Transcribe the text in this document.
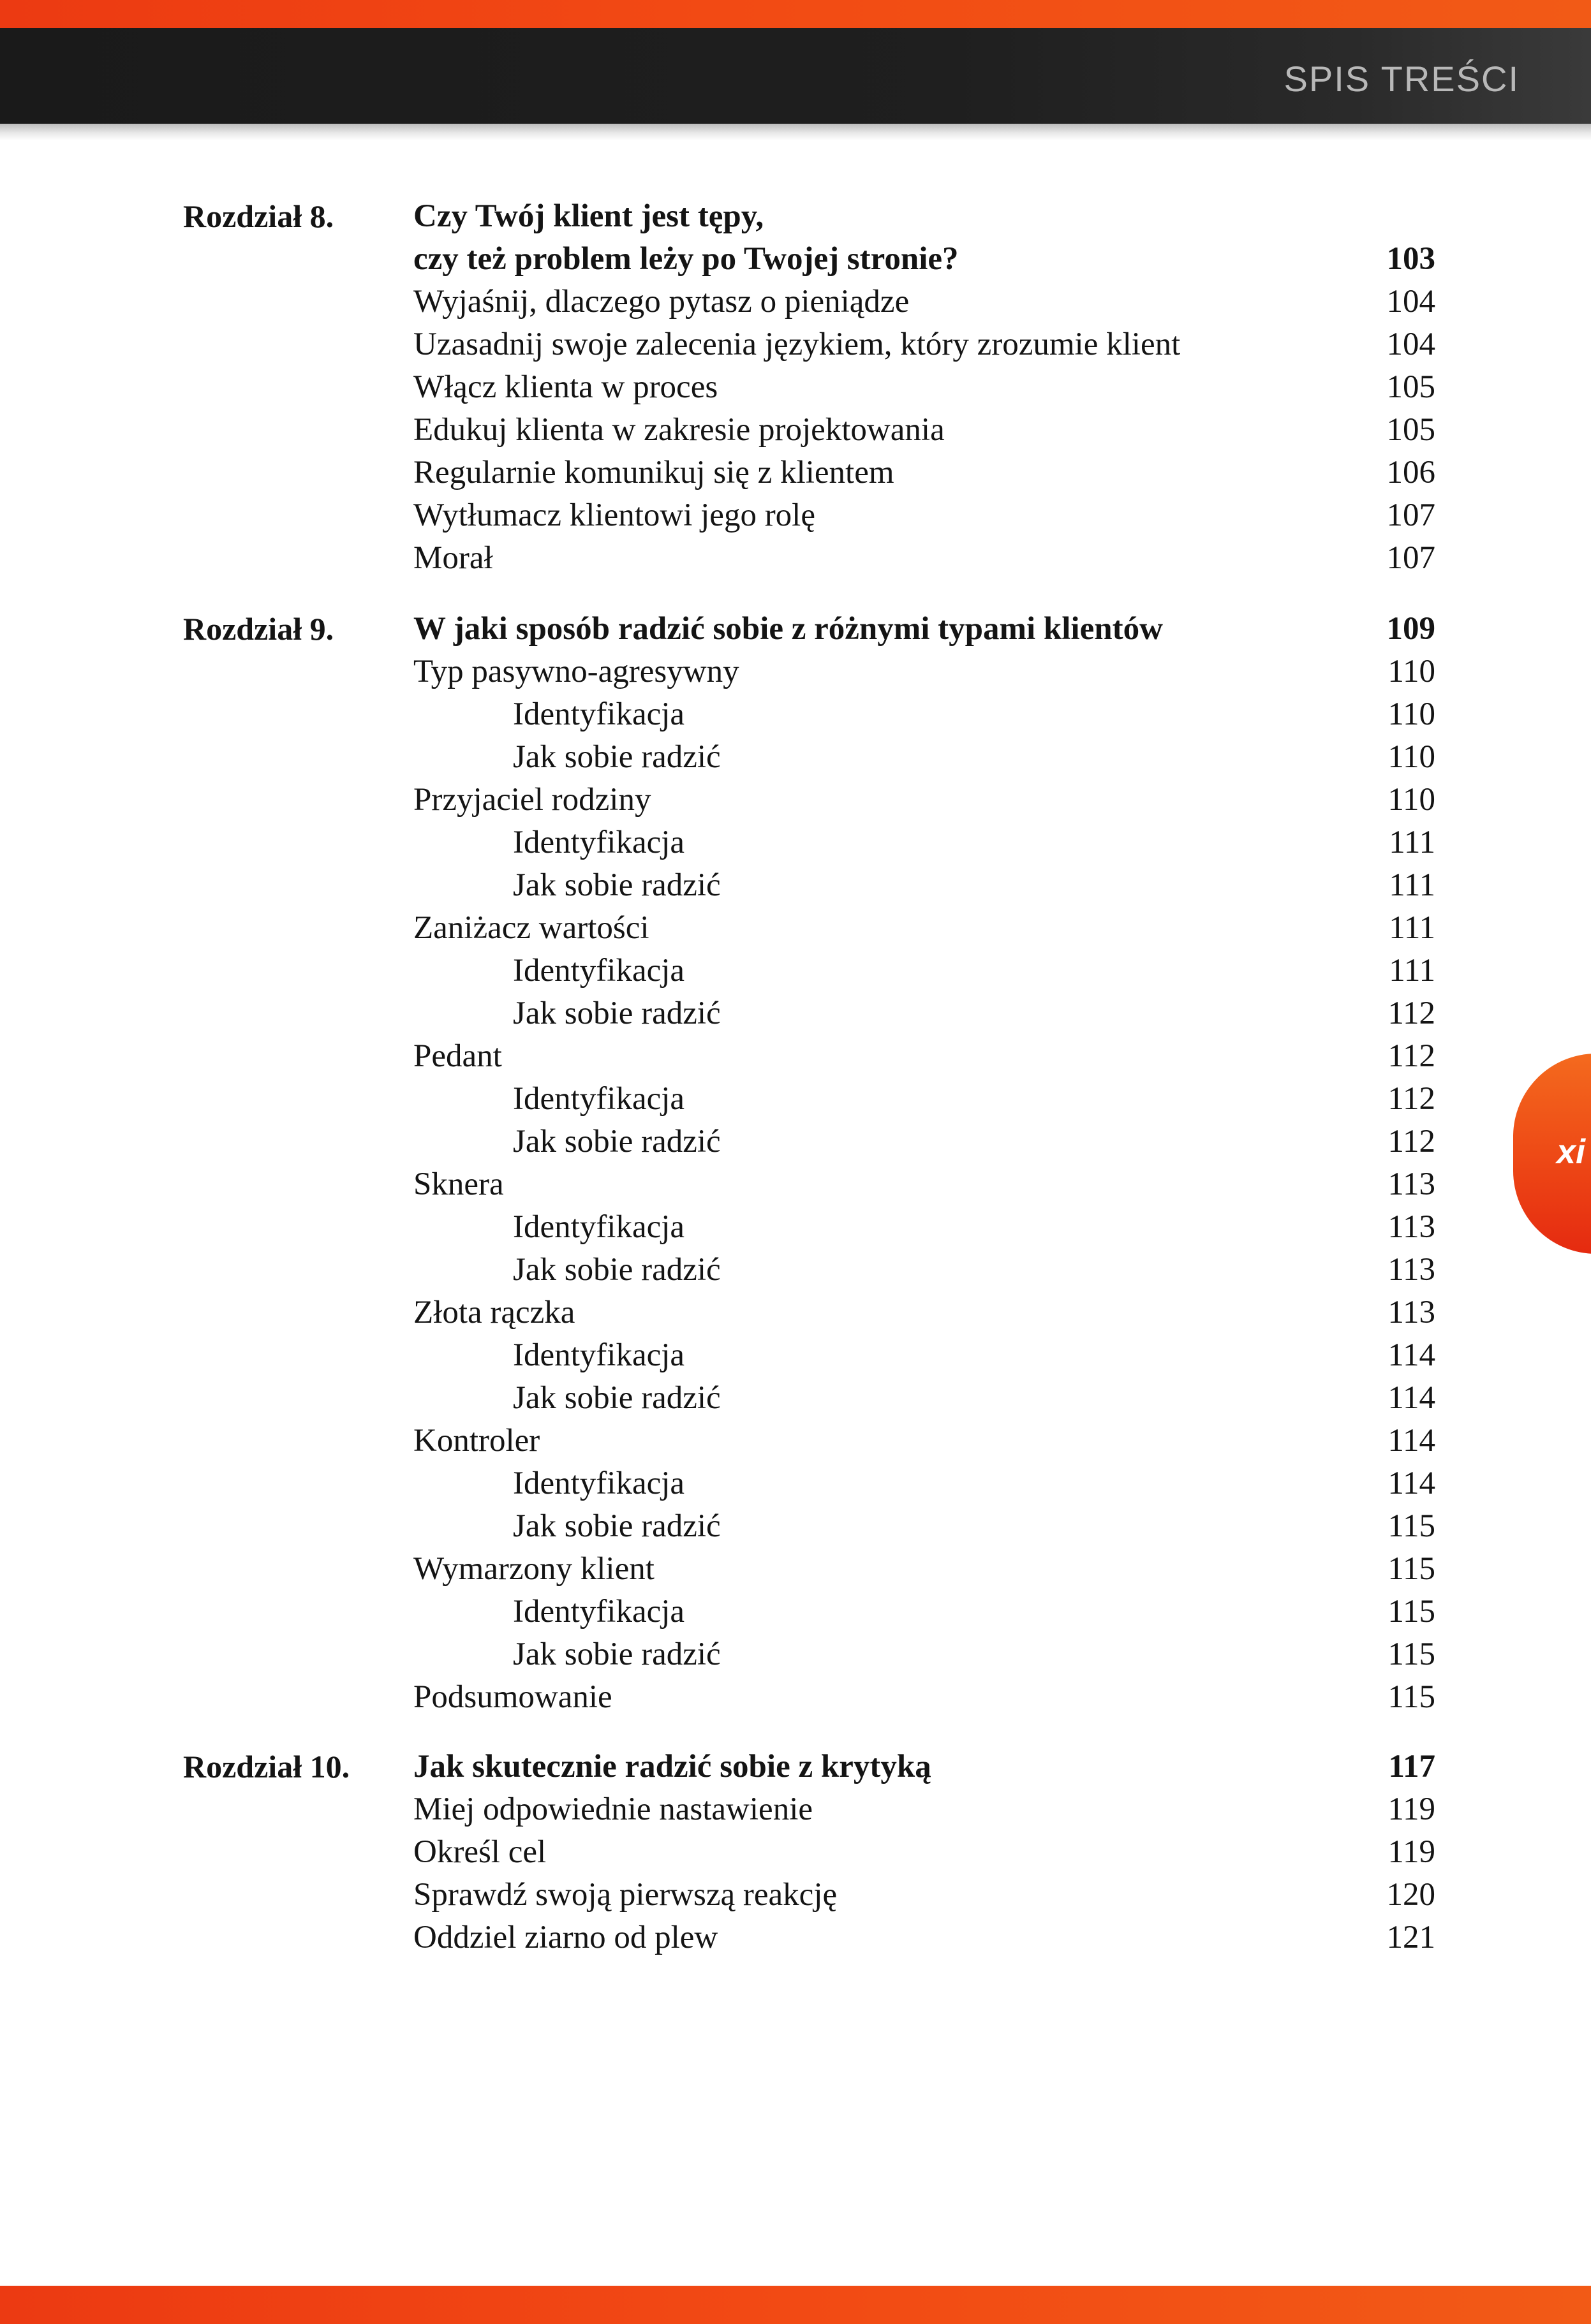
SPIS TREŚCI
xi
Rozdział 8. Czy Twój klient jest tępy,
czy też problem leży po Twojej stronie?	103
Wyjaśnij, dlaczego pytasz o pieniądze	104
Uzasadnij swoje zalecenia językiem, który zrozumie klient	104
Włącz klienta w proces	105
Edukuj klienta w zakresie projektowania	105
Regularnie komunikuj się z klientem	106
Wytłumacz klientowi jego rolę	107
Morał	107
Rozdział 9. W jaki sposób radzić sobie z różnymi typami klientów	109
Typ pasywno-agresywny	110
Identyfikacja	110
Jak sobie radzić	110
Przyjaciel rodziny	110
Identyfikacja	111
Jak sobie radzić	111
Zaniżacz wartości	111
Identyfikacja	111
Jak sobie radzić	112
Pedant	112
Identyfikacja	112
Jak sobie radzić	112
Sknera	113
Identyfikacja	113
Jak sobie radzić	113
Złota rączka	113
Identyfikacja	114
Jak sobie radzić	114
Kontroler	114
Identyfikacja	114
Jak sobie radzić	115
Wymarzony klient	115
Identyfikacja	115
Jak sobie radzić	115
Podsumowanie	115
Rozdział 10. Jak skutecznie radzić sobie z krytyką	117
Miej odpowiednie nastawienie	119
Określ cel	119
Sprawdź swoją pierwszą reakcję	120
Oddziel ziarno od plew	121
